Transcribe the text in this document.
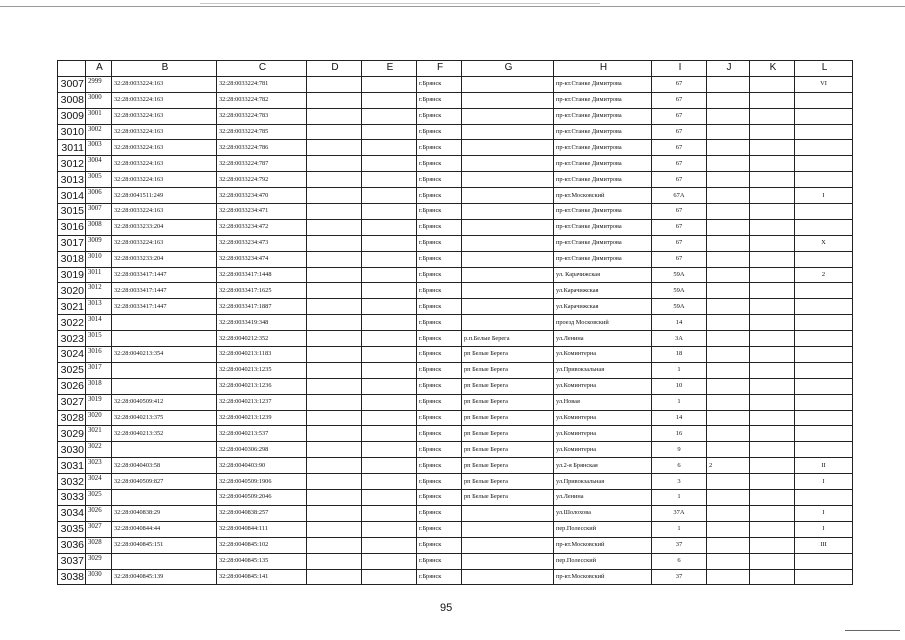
	A	B	C	D	E	F	G	H	I	J	K	L
3007	2999	32:28:0033224:163	32:28:0033224:781			г.Брянск		пр-кт.Станке Димитрова	67			VI
3008	3000	32:28:0033224:163	32:28:0033224:782			г.Брянск		пр-кт.Станке Димитрова	67			
3009	3001	32:28:0033224:163	32:28:0033224:783			г.Брянск		пр-кт.Станке Димитрова	67			
3010	3002	32:28:0033224:163	32:28:0033224:785			г.Брянск		пр-кт.Станке Димитрова	67			
3011	3003	32:28:0033224:163	32:28:0033224:786			г.Брянск		пр-кт.Станке Димитрова	67			
3012	3004	32:28:0033224:163	32:28:0033224:787			г.Брянск		пр-кт.Станке Димитрова	67			
3013	3005	32:28:0033224:163	32:28:0033224:792			г.Брянск		пр-кт.Станке Димитрова	67			
3014	3006	32:28:0041511:249	32:28:0033234:470			г.Брянск		пр-кт.Московский	67А			I
3015	3007	32:28:0033224:163	32:28:0033234:471			г.Брянск		пр-кт.Станке Димитрова	67			
3016	3008	32:28:0033233:204	32:28:0033234:472			г.Брянск		пр-кт.Станке Димитрова	67			
3017	3009	32:28:0033224:163	32:28:0033234:473			г.Брянск		пр-кт.Станке Димитрова	67			X
3018	3010	32:28:0033233:204	32:28:0033234:474			г.Брянск		пр-кт.Станке Димитрова	67			
3019	3011	32:28:0033417:1447	32:28:0033417:1448			г.Брянск		ул. Карачижская	59А			2
3020	3012	32:28:0033417:1447	32:28:0033417:1625			г.Брянск		ул.Карачижская	59А			
3021	3013	32:28:0033417:1447	32:28:0033417:1887			г.Брянск		ул.Карачижская	59А			
3022	3014		32:28:0033419:348			г.Брянск		проезд Московский	14			
3023	3015		32:28:0040212:352			г.Брянск	р.п.Белые Берега	ул.Ленина	3А			
3024	3016	32:28:0040213:354	32:28:0040213:1183			г.Брянск	рп Белые Берега	ул.Коминтерна	18			
3025	3017		32:28:0040213:1235			г.Брянск	рп Белые Берега	ул.Привокзальная	1			
3026	3018		32:28:0040213:1236			г.Брянск	рп Белые Берега	ул.Коминтерна	10			
3027	3019	32:28:0040509:412	32:28:0040213:1237			г.Брянск	рп Белые Берега	ул.Новая	1			
3028	3020	32:28:0040213:375	32:28:0040213:1239			г.Брянск	рп Белые Берега	ул.Коминтерна	14			
3029	3021	32:28:0040213:352	32:28:0040213:537			г.Брянск	рп Белые Берега	ул.Коминтерна	16			
3030	3022		32:28:0040306:298			г.Брянск	рп Белые Берега	ул.Коминтерна	9			
3031	3023	32:28:0040403:58	32:28:0040403:90			г.Брянск	рп Белые Берега	ул.2-я Брянская	6	2		II
3032	3024	32:28:0040509:827	32:28:0040509:1906			г.Брянск	рп Белые Берега	ул.Привокзальная	3			I
3033	3025		32:28:0040509:2046			г.Брянск	рп Белые Берега	ул.Ленина	1			
3034	3026	32:28:0040838:29	32:28:0040838:257			г.Брянск		ул.Шолохова	37А			I
3035	3027	32:28:0040844:44	32:28:0040844:111			г.Брянск		пер.Полесский	1			I
3036	3028	32:28:0040845:151	32:28:0040845:102			г.Брянск		пр-кт.Московский	37			III
3037	3029		32:28:0040845:135			г.Брянск		пер.Полесский	6			
3038	3030	32:28:0040845:139	32:28:0040845:141			г.Брянск		пр-кт.Московский	37			
95
